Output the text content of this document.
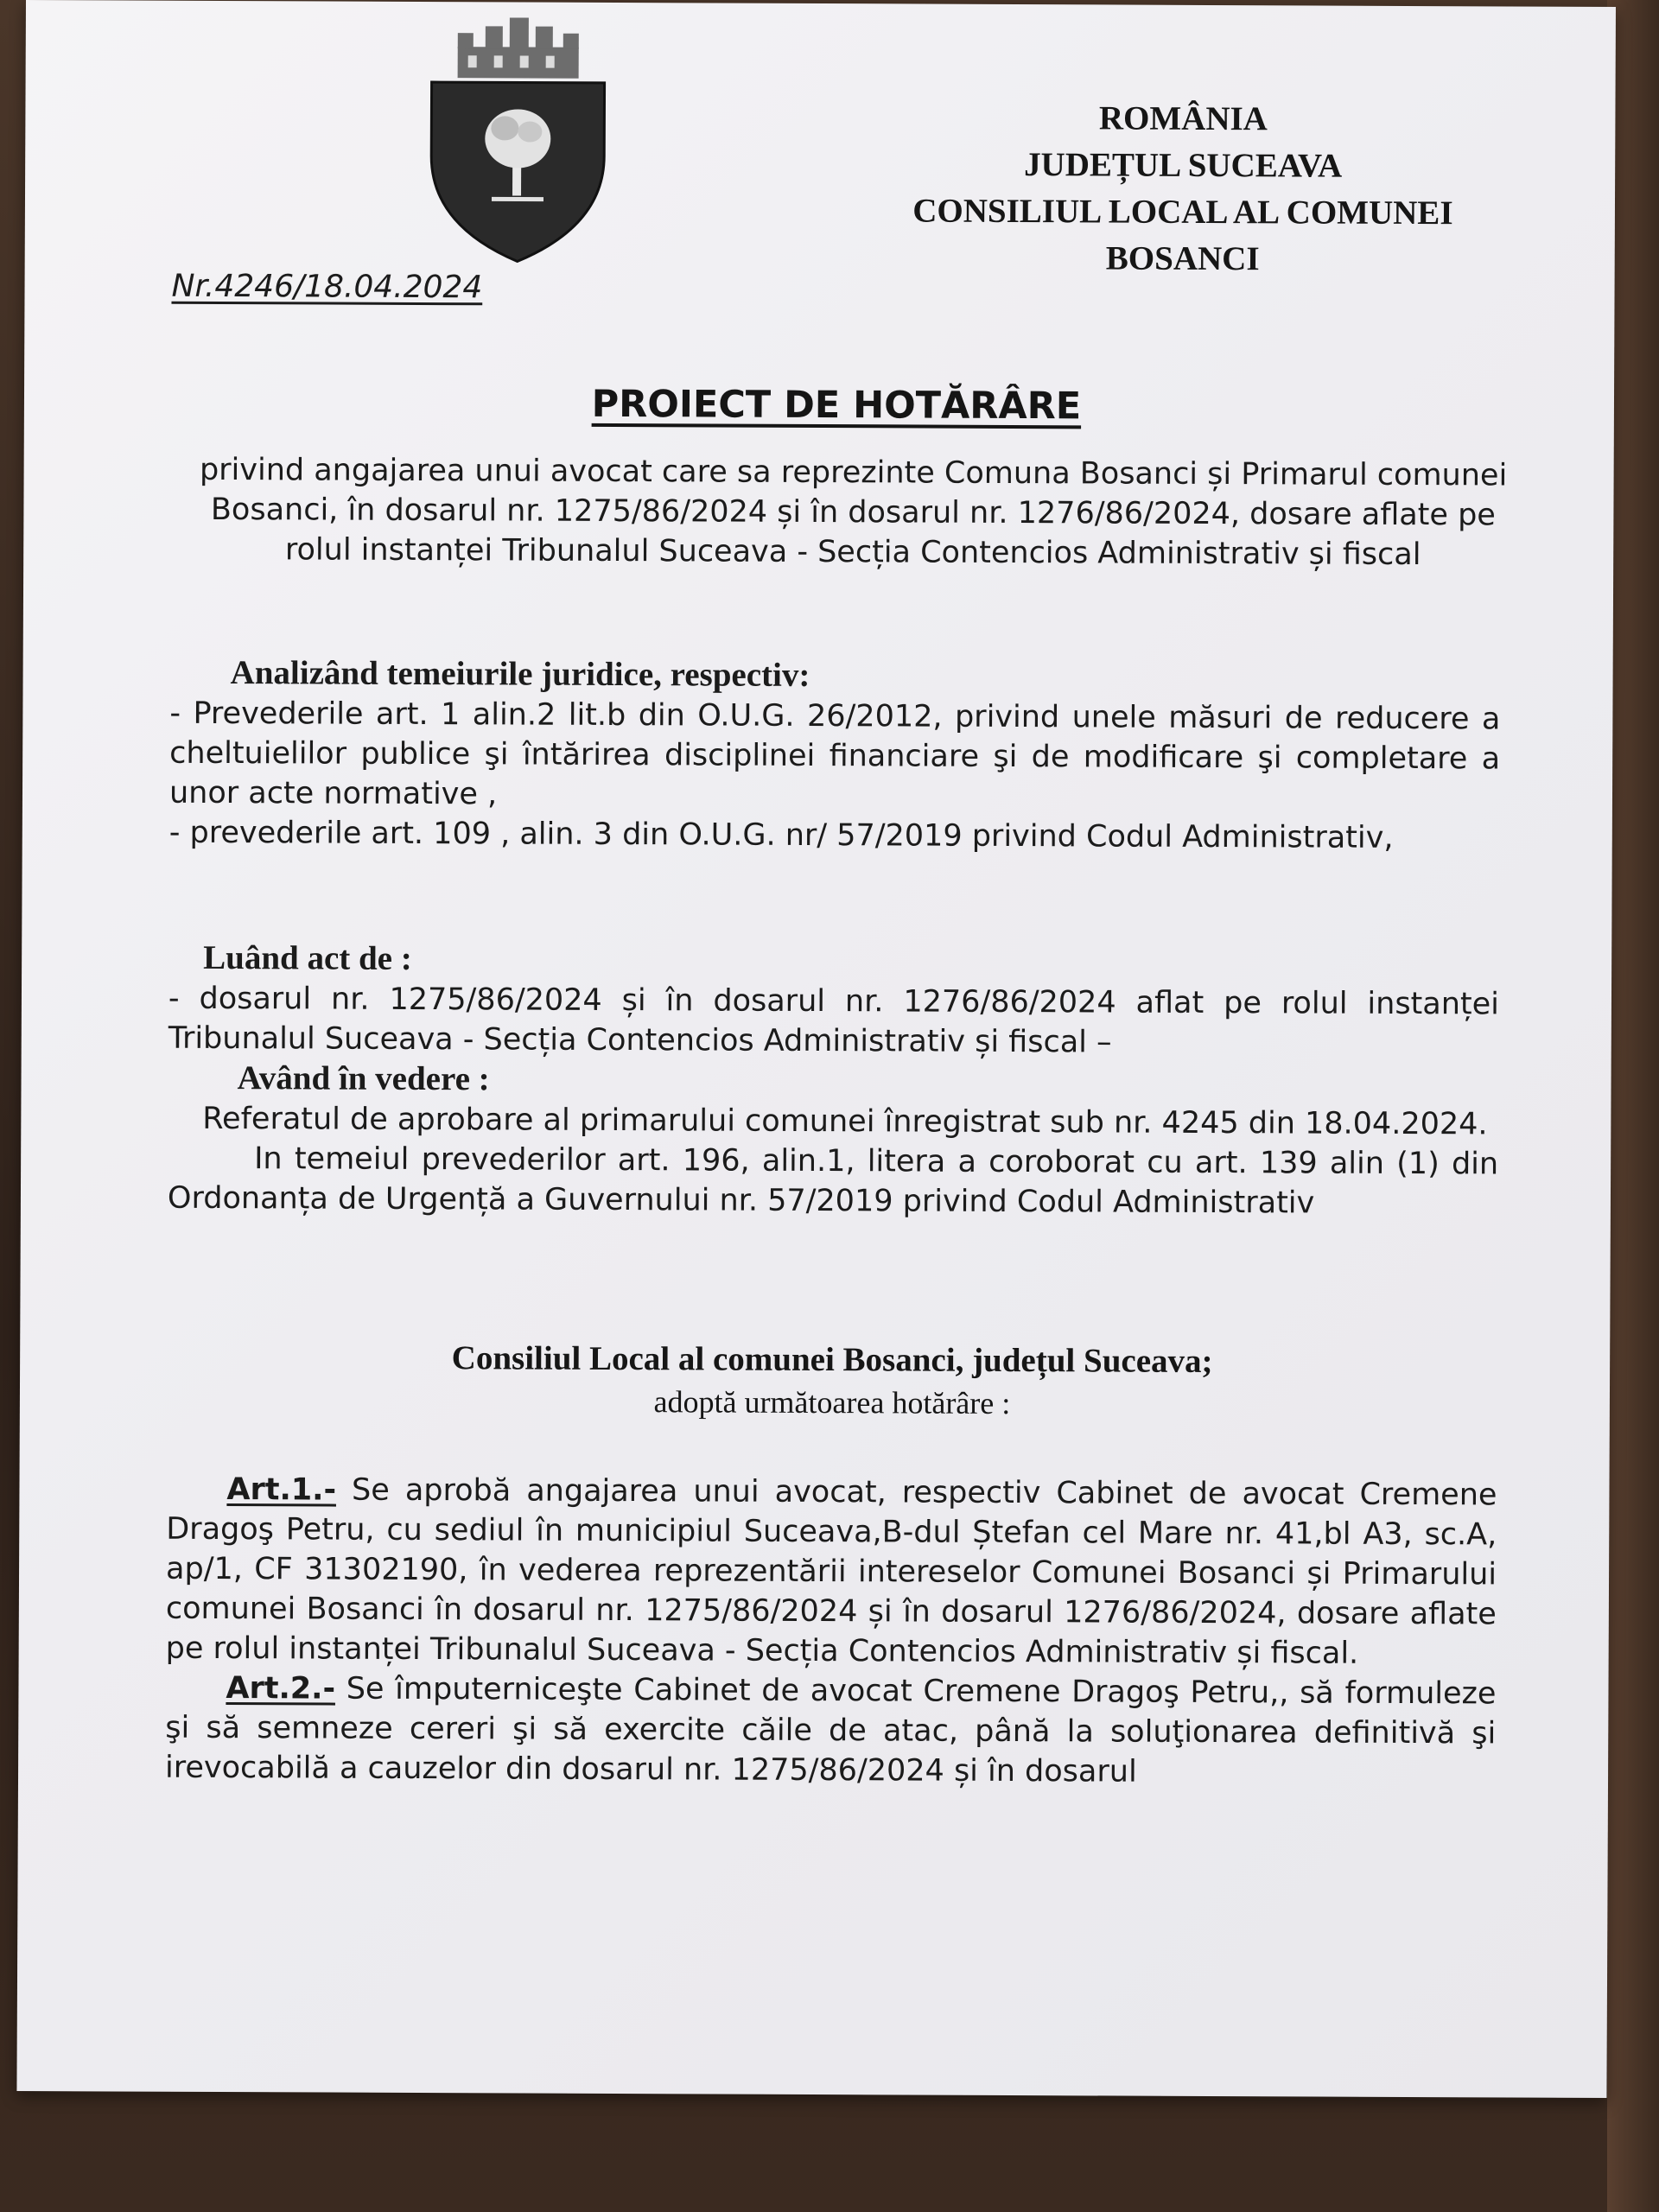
ROMÂNIA
JUDEȚUL SUCEAVA
CONSILIUL LOCAL AL COMUNEI
BOSANCI
Nr.4246/18.04.2024
PROIECT DE HOTĂRÂRE
privind angajarea unui avocat care sa reprezinte Comuna Bosanci și Primarul comunei Bosanci, în dosarul nr. 1275/86/2024 și în dosarul nr. 1276/86/2024, dosare aflate pe rolul instanței Tribunalul Suceava - Secția Contencios Administrativ și fiscal

Analizând temeiurile juridice, respectiv:

- Prevederile art. 1 alin.2 lit.b din O.U.G. 26/2012, privind unele măsuri de reducere a cheltuielilor publice şi întărirea disciplinei financiare şi de modificare şi completare a unor acte normative ,

- prevederile art. 109 , alin. 3 din O.U.G. nr/ 57/2019 privind Codul Administrativ,

Luând act de :

- dosarul nr. 1275/86/2024 și în dosarul nr. 1276/86/2024 aflat pe rolul instanței Tribunalul Suceava - Secția Contencios Administrativ și fiscal –

Având în vedere :

Referatul de aprobare al primarului comunei înregistrat sub nr. 4245 din 18.04.2024.

In temeiul prevederilor art. 196, alin.1, litera a coroborat cu art. 139 alin (1) din Ordonanța de Urgență a Guvernului nr. 57/2019 privind Codul Administrativ

Consiliul Local al comunei Bosanci, județul Suceava;
adoptă următoarea hotărâre :

Art.1.- Se aprobă angajarea unui avocat, respectiv Cabinet de avocat Cremene Dragoş Petru, cu sediul în municipiul Suceava,B-dul Ștefan cel Mare nr. 41,bl A3, sc.A, ap/1, CF 31302190, în vederea reprezentării intereselor Comunei Bosanci și Primarului comunei Bosanci în dosarul nr. 1275/86/2024 și în dosarul 1276/86/2024, dosare aflate pe rolul instanței Tribunalul Suceava - Secția Contencios Administrativ și fiscal.

Art.2.- Se împuterniceşte Cabinet de avocat Cremene Dragoş Petru,, să formuleze şi să semneze cereri şi să exercite căile de atac, până la soluţionarea definitivă şi irevocabilă a cauzelor din dosarul nr. 1275/86/2024 și în dosarul
